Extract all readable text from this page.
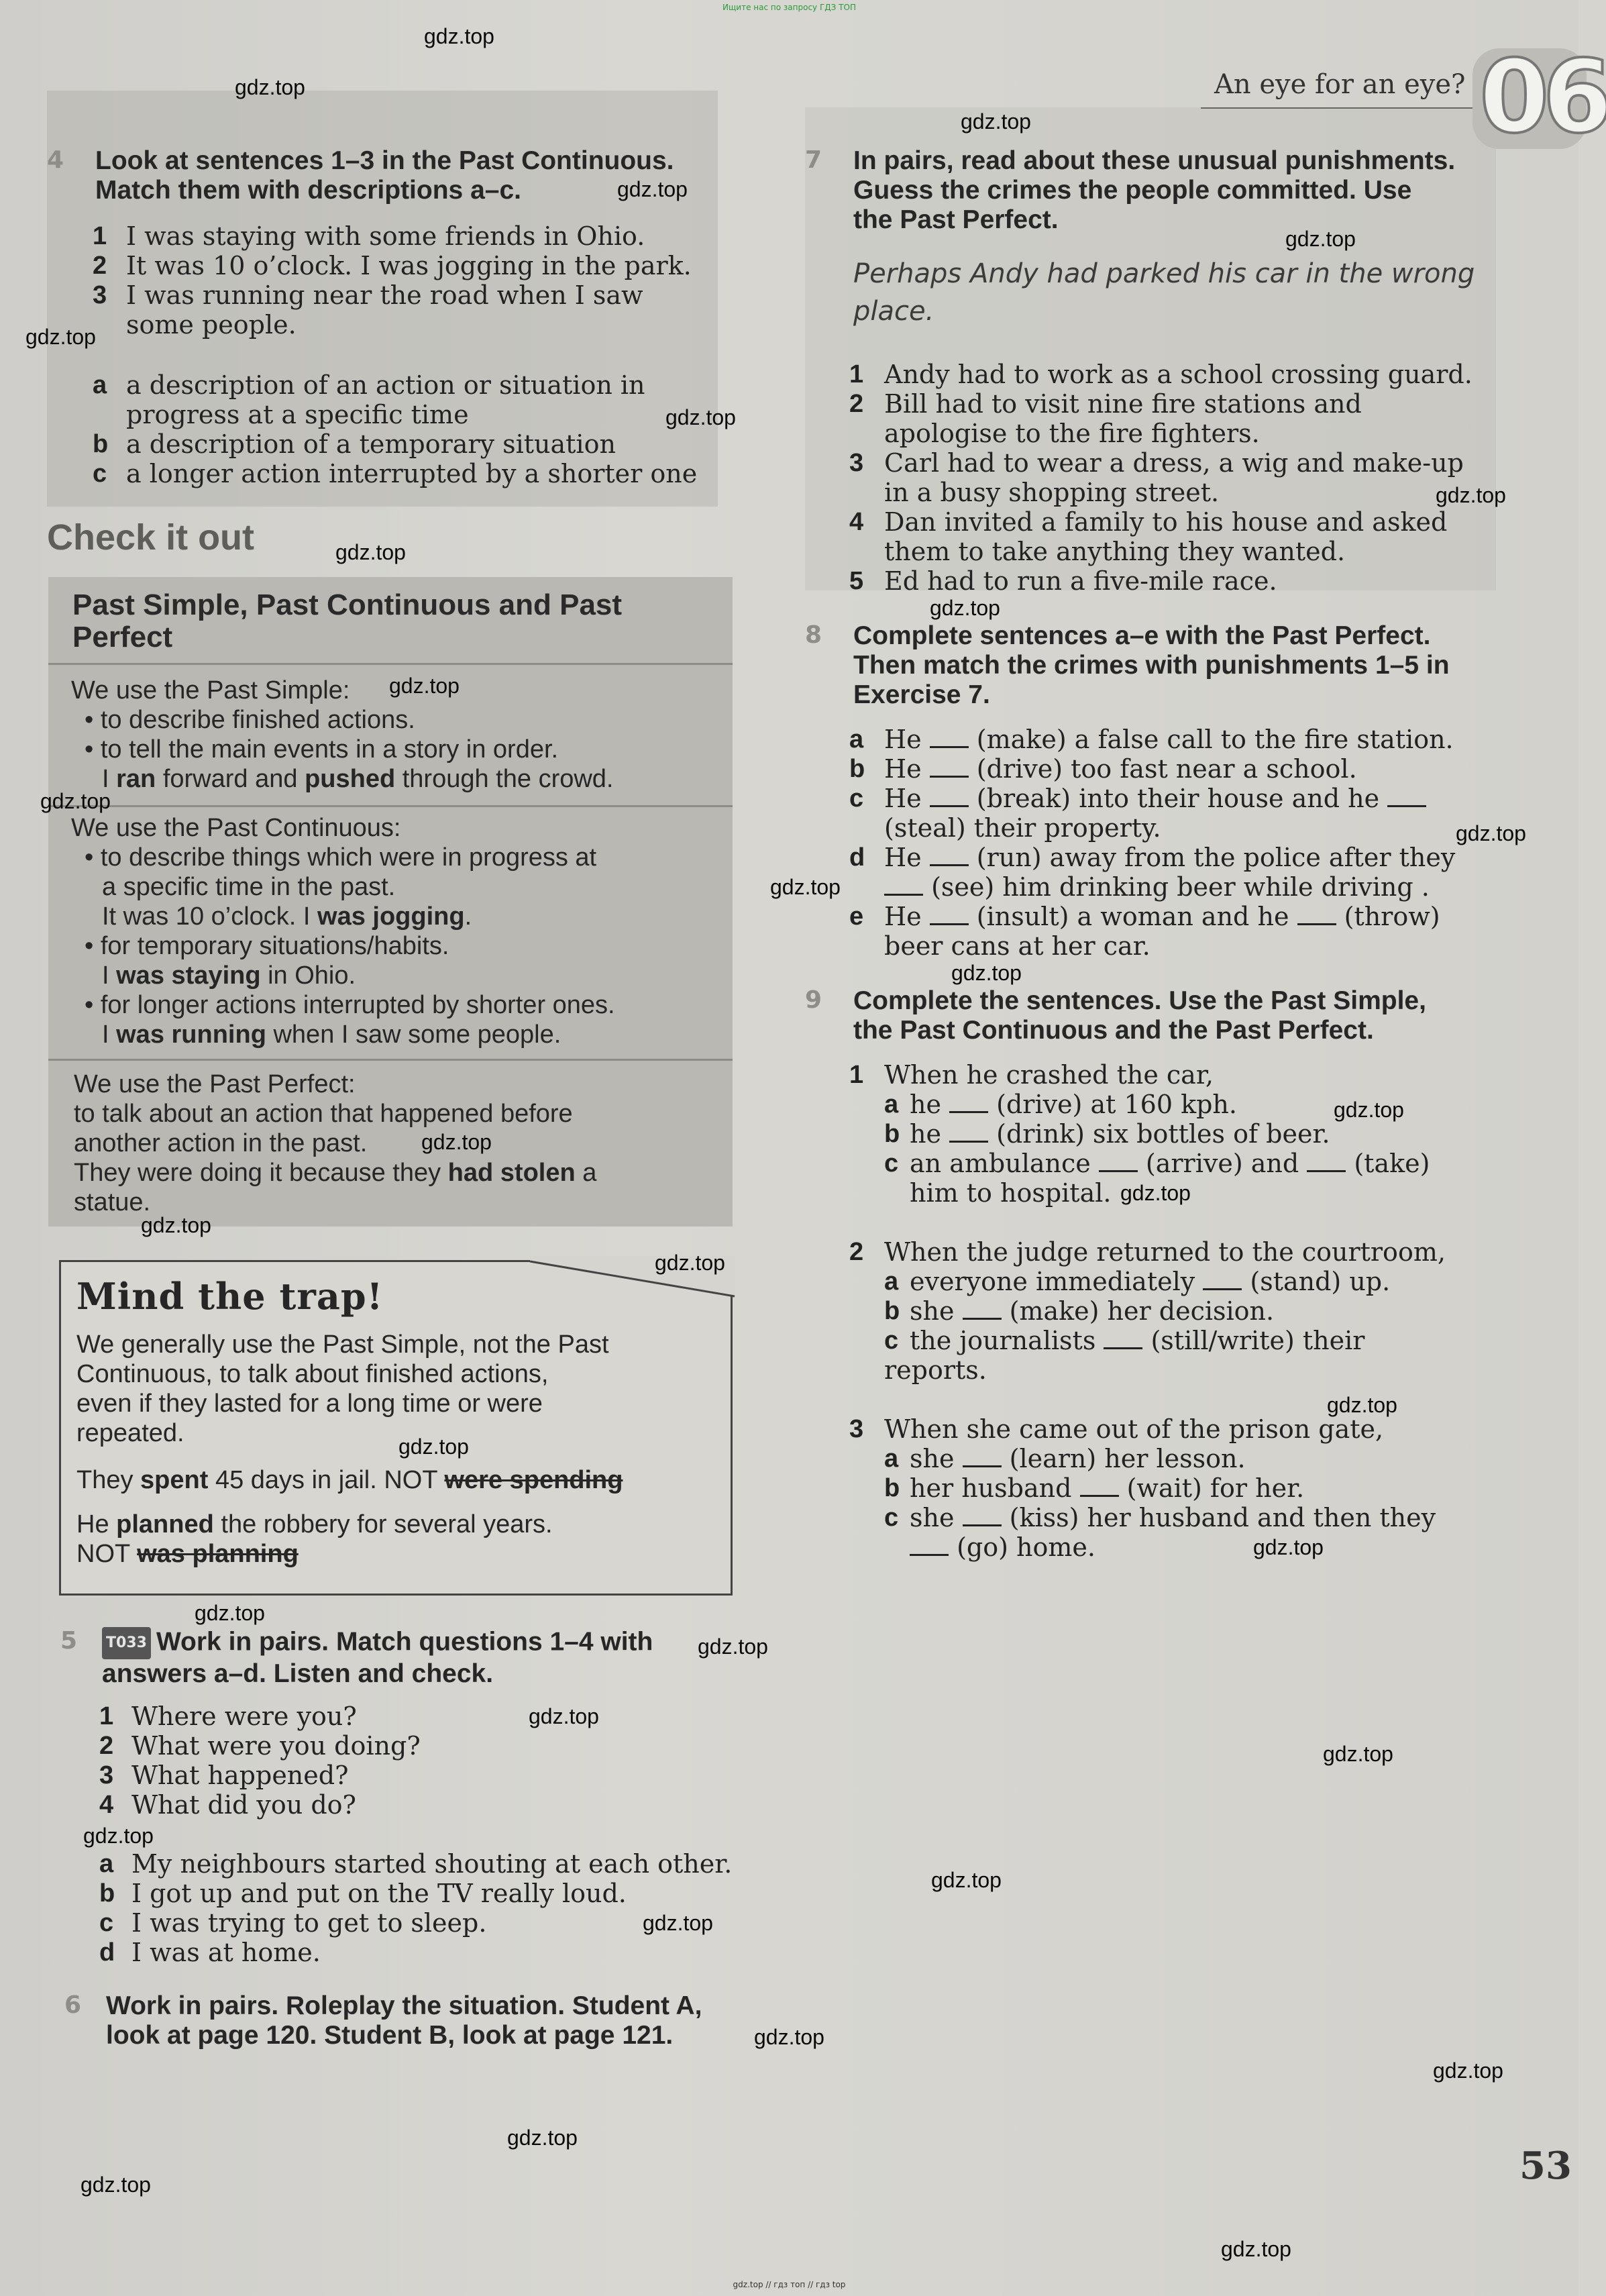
Ищите нас по запросу ГДЗ ТОП
An eye for an eye? 06
4 Look at sentences 1–3 in the Past Continuous.
Match them with descriptions a–c.
1 I was staying with some friends in Ohio.
2 It was 10 o’clock. I was jogging in the park.
3 I was running near the road when I saw
some people.
a a description of an action or situation in
progress at a specific time
b a description of a temporary situation
c a longer action interrupted by a shorter one
Check it out
Past Simple, Past Continuous and Past
Perfect
We use the Past Simple:
• to describe finished actions.
• to tell the main events in a story in order.
I ran forward and pushed through the crowd.
We use the Past Continuous:
• to describe things which were in progress at
a specific time in the past.
It was 10 o’clock. I was jogging.
• for temporary situations/habits.
I was staying in Ohio.
• for longer actions interrupted by shorter ones.
I was running when I saw some people.
We use the Past Perfect:
to talk about an action that happened before
another action in the past.
They were doing it because they had stolen a
statue.
Mind the trap!
We generally use the Past Simple, not the Past
Continuous, to talk about finished actions,
even if they lasted for a long time or were
repeated.
They spent 45 days in jail. NOT were spending
He planned the robbery for several years.
NOT was planning
5 T033 Work in pairs. Match questions 1–4 with
answers a–d. Listen and check.
1 Where were you?
2 What were you doing?
3 What happened?
4 What did you do?
a My neighbours started shouting at each other.
b I got up and put on the TV really loud.
c I was trying to get to sleep.
d I was at home.
6 Work in pairs. Roleplay the situation. Student A,
look at page 120. Student B, look at page 121.
7 In pairs, read about these unusual punishments.
Guess the crimes the people committed. Use
the Past Perfect.
Perhaps Andy had parked his car in the wrong
place.
1 Andy had to work as a school crossing guard.
2 Bill had to visit nine fire stations and
apologise to the fire fighters.
3 Carl had to wear a dress, a wig and make-up
in a busy shopping street.
4 Dan invited a family to his house and asked
them to take anything they wanted.
5 Ed had to run a five-mile race.
8 Complete sentences a–e with the Past Perfect.
Then match the crimes with punishments 1–5 in
Exercise 7.
a He  (make) a false call to the fire station.
b He  (drive) too fast near a school.
c He  (break) into their house and he
(steal) their property.
d He  (run) away from the police after they
(see) him drinking beer while driving .
e He  (insult) a woman and he  (throw)
beer cans at her car.
9 Complete the sentences. Use the Past Simple,
the Past Continuous and the Past Perfect.
1 When he crashed the car,
a he  (drive) at 160 kph.
b he  (drink) six bottles of beer.
c an ambulance  (arrive) and  (take)
him to hospital.
2 When the judge returned to the courtroom,
a everyone immediately  (stand) up.
b she  (make) her decision.
c the journalists  (still/write) their
reports.
3 When she came out of the prison gate,
a she  (learn) her lesson.
b her husband  (wait) for her.
c she  (kiss) her husband and then they
(go) home.
53
gdz.top
gdz.top
gdz.top
gdz.top
gdz.top
gdz.top
gdz.top
gdz.top
gdz.top
gdz.top
gdz.top
gdz.top
gdz.top
gdz.top
gdz.top
gdz.top
gdz.top
gdz.top
gdz.top
gdz.top
gdz.top
gdz.top
gdz.top
gdz.top
gdz.top
gdz.top
gdz.top
gdz.top
gdz.top
gdz.top
gdz.top
gdz.top
gdz.top
gdz.top
gdz.top
gdz.top // гдз топ // гдз top
